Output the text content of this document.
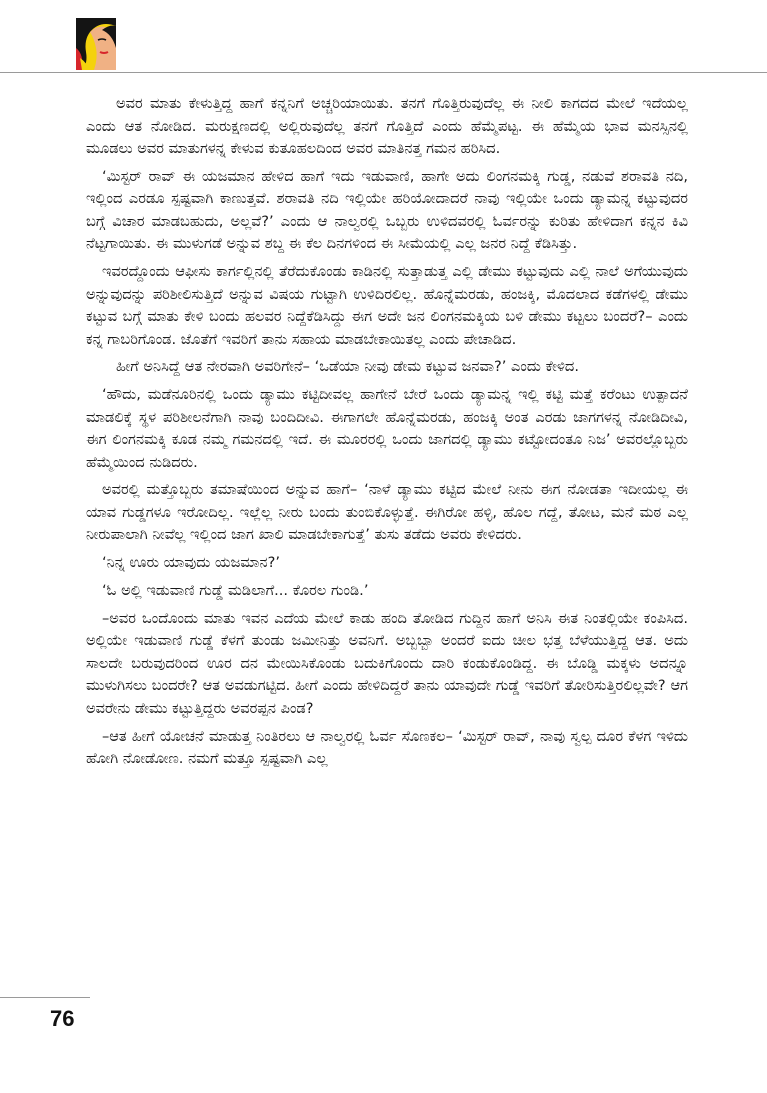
ಅವರ ಮಾತು ಕೇಳುತ್ತಿದ್ದ ಹಾಗೆ ಕನ್ನನಿಗೆ ಅಚ್ಚರಿಯಾಯಿತು. ತನಗೆ ಗೊತ್ತಿರುವುದೆಲ್ಲ ಈ ನೀಲಿ ಕಾಗದದ ಮೇಲೆ ಇದೆಯಲ್ಲ ಎಂದು ಆತ ನೋಡಿದ. ಮರುಕ್ಷಣದಲ್ಲಿ ಅಲ್ಲಿರುವುದೆಲ್ಲ ತನಗೆ ಗೊತ್ತಿದೆ ಎಂದು ಹೆಮ್ಮೆಪಟ್ಟ. ಈ ಹೆಮ್ಮೆಯ ಭಾವ ಮನಸ್ಸಿನಲ್ಲಿ ಮೂಡಲು ಅವರ ಮಾತುಗಳನ್ನ ಕೇಳುವ ಕುತೂಹಲದಿಂದ ಅವರ ಮಾತಿನತ್ತ ಗಮನ ಹರಿಸಿದ.

‘ಮಿಸ್ಟರ್ ರಾವ್ ಈ ಯಜಮಾನ ಹೇಳಿದ ಹಾಗೆ ಇದು ಇಡುವಾಣಿ, ಹಾಗೇ ಅದು ಲಿಂಗನಮಕ್ಕಿ ಗುಡ್ಡ, ನಡುವೆ ಶರಾವತಿ ನದಿ, ಇಲ್ಲಿಂದ ಎರಡೂ ಸ್ಪಷ್ಟವಾಗಿ ಕಾಣುತ್ತವೆ. ಶರಾವತಿ ನದಿ ಇಲ್ಲಿಯೇ ಹರಿಯೋದಾದರೆ ನಾವು ಇಲ್ಲಿಯೇ ಒಂದು ಡ್ಯಾಮನ್ನ ಕಟ್ಟುವುದರ ಬಗ್ಗೆ ವಿಚಾರ ಮಾಡಬಹುದು, ಅಲ್ಲವೆ?’ ಎಂದು ಆ ನಾಲ್ವರಲ್ಲಿ ಒಬ್ಬರು ಉಳಿದವರಲ್ಲಿ ಓರ್ವರನ್ನು ಕುರಿತು ಹೇಳಿದಾಗ ಕನ್ನನ ಕಿವಿ ನೆಟ್ಟಗಾಯಿತು. ಈ ಮುಳುಗಡೆ ಅನ್ನುವ ಶಬ್ದ ಈ ಕೆಲ ದಿನಗಳಿಂದ ಈ ಸೀಮೆಯಲ್ಲಿ ಎಲ್ಲ ಜನರ ನಿದ್ದೆ ಕೆಡಿಸಿತ್ತು.

ಇವರದ್ದೊಂದು ಆಫೀಸು ಕಾರ್ಗಲ್ಲಿನಲ್ಲಿ ತೆರೆದುಕೊಂಡು ಕಾಡಿನಲ್ಲಿ ಸುತ್ತಾಡುತ್ತ ಎಲ್ಲಿ ಡೇಮು ಕಟ್ಟುವುದು ಎಲ್ಲಿ ನಾಲೆ ಅಗೆಯುವುದು ಅನ್ನುವುದನ್ನು ಪರಿಶೀಲಿಸುತ್ತಿದೆ ಅನ್ನುವ ವಿಷಯ ಗುಟ್ಟಾಗಿ ಉಳಿದಿರಲಿಲ್ಲ. ಹೊನ್ನೆಮರಡು, ಹಂಜಕ್ಕಿ, ಮೊದಲಾದ ಕಡೆಗಳಲ್ಲಿ ಡೇಮು ಕಟ್ಟುವ ಬಗ್ಗೆ ಮಾತು ಕೇಳಿ ಬಂದು ಹಲವರ ನಿದ್ದೆಕೆಡಿಸಿದ್ದು ಈಗ ಅದೇ ಜನ ಲಿಂಗನಮಕ್ಕಿಯ ಬಳಿ ಡೇಮು ಕಟ್ಟಲು ಬಂದರೆ?– ಎಂದು ಕನ್ನ ಗಾಬರಿಗೊಂಡ. ಜೊತೆಗೆ ಇವರಿಗೆ ತಾನು ಸಹಾಯ ಮಾಡಬೇಕಾಯಿತಲ್ಲ ಎಂದು ಪೇಚಾಡಿದ.

ಹೀಗೆ ಅನಿಸಿದ್ದೆ ಆತ ನೇರವಾಗಿ ಅವರಿಗೇನೆ– ‘ಒಡೆಯಾ ನೀವು ಡೇಮ ಕಟ್ಟುವ ಜನವಾ?’ ಎಂದು ಕೇಳಿದ.

‘ಹೌದು, ಮಡೆನೂರಿನಲ್ಲಿ ಒಂದು ಡ್ಯಾಮು ಕಟ್ಟಿದೀವಲ್ಲ ಹಾಗೇನೆ ಬೇರೆ ಒಂದು ಡ್ಯಾಮನ್ನ ಇಲ್ಲಿ ಕಟ್ಟಿ ಮತ್ತೆ ಕರೆಂಟು ಉತ್ಪಾದನೆ ಮಾಡಲಿಕ್ಕೆ ಸ್ಥಳ ಪರಿಶೀಲನೆಗಾಗಿ ನಾವು ಬಂದಿದೀವಿ. ಈಗಾಗಲೇ ಹೊನ್ನೆಮರಡು, ಹಂಜಕ್ಕಿ ಅಂತ ಎರಡು ಜಾಗಗಳನ್ನ ನೋಡಿದೀವಿ, ಈಗ ಲಿಂಗನಮಕ್ಕಿ ಕೂಡ ನಮ್ಮ ಗಮನದಲ್ಲಿ ಇದೆ. ಈ ಮೂರರಲ್ಲಿ ಒಂದು ಜಾಗದಲ್ಲಿ ಡ್ಯಾಮು ಕಟ್ಟೋದಂತೂ ನಿಜ’ ಅವರಲ್ಲೊಬ್ಬರು ಹೆಮ್ಮೆಯಿಂದ ನುಡಿದರು.

ಅವರಲ್ಲಿ ಮತ್ತೊಬ್ಬರು ತಮಾಷೆಯಿಂದ ಅನ್ನುವ ಹಾಗೆ– ‘ನಾಳೆ ಡ್ಯಾಮು ಕಟ್ಟಿದ ಮೇಲೆ ನೀನು ಈಗ ನೋಡತಾ ಇದೀಯಲ್ಲ ಈ ಯಾವ ಗುಡ್ಡಗಳೂ ಇರೋದಿಲ್ಲ. ಇಲ್ಲೆಲ್ಲ ನೀರು ಬಂದು ತುಂಬಿಕೊಳ್ಳುತ್ತೆ. ಈಗಿರೋ ಹಳ್ಳಿ, ಹೊಲ ಗದ್ದೆ, ತೋಟ, ಮನೆ ಮಠ ಎಲ್ಲ ನೀರುಪಾಲಾಗಿ ನೀವೆಲ್ಲ ಇಲ್ಲಿಂದ ಜಾಗ ಖಾಲಿ ಮಾಡಬೇಕಾಗುತ್ತೆ’ ತುಸು ತಡೆದು ಅವರು ಕೇಳಿದರು.

‘ನಿನ್ನ ಊರು ಯಾವುದು ಯಜಮಾನ?’

‘ಓ ಅಲ್ಲಿ ಇಡುವಾಣಿ ಗುಡ್ಡೆ ಮಡಿಲಾಗೆ... ಕೊರಲ ಗುಂಡಿ.’

–ಅವರ ಒಂದೊಂದು ಮಾತು ಇವನ ಎದೆಯ ಮೇಲೆ ಕಾಡು ಹಂದಿ ತೋಡಿದ ಗುದ್ದಿನ ಹಾಗೆ ಅನಿಸಿ ಈತ ನಿಂತಲ್ಲಿಯೇ ಕಂಪಿಸಿದ. ಅಲ್ಲಿಯೇ ಇಡುವಾಣಿ ಗುಡ್ಡೆ ಕೆಳಗೆ ತುಂಡು ಜಮೀನಿತ್ತು ಅವನಿಗೆ. ಅಬ್ಬಬ್ಬಾ ಅಂದರೆ ಐದು ಚೀಲ ಭತ್ತ ಬೆಳೆಯುತ್ತಿದ್ದ ಆತ. ಅದು ಸಾಲದೇ ಬರುವುದರಿಂದ ಊರ ದನ ಮೇಯಿಸಿಕೊಂಡು ಬದುಕಿಗೊಂದು ದಾರಿ ಕಂಡುಕೊಂಡಿದ್ದ. ಈ ಬೊಡ್ಡಿ ಮಕ್ಕಳು ಅದನ್ನೂ ಮುಳುಗಿಸಲು ಬಂದರೇ? ಆತ ಅವಡುಗಟ್ಟಿದ. ಹೀಗೆ ಎಂದು ಹೇಳಿದಿದ್ದರೆ ತಾನು ಯಾವುದೇ ಗುಡ್ಡೆ ಇವರಿಗೆ ತೋರಿಸುತ್ತಿರಲಿಲ್ಲವೇ? ಆಗ ಅವರೇನು ಡೇಮು ಕಟ್ಟುತ್ತಿದ್ದರು ಅವರಪ್ಪನ ಪಿಂಡ?

–ಆತ ಹೀಗೆ ಯೋಚನೆ ಮಾಡುತ್ತ ನಿಂತಿರಲು ಆ ನಾಲ್ವರಲ್ಲಿ ಓರ್ವ ಸೊಣಕಲ– ‘ಮಿಸ್ಟರ್ ರಾವ್, ನಾವು ಸ್ವಲ್ಪ ದೂರ ಕೆಳಗ ಇಳಿದು ಹೋಗಿ ನೋಡೋಣ. ನಮಗೆ ಮತ್ತೂ ಸ್ಪಷ್ಟವಾಗಿ ಎಲ್ಲ

76
